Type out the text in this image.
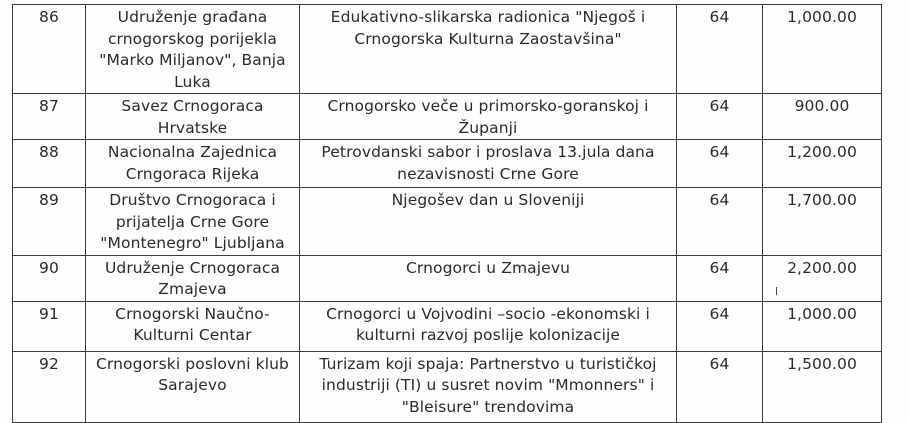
86	Udruženje građana crnogorskog porijekla "Marko Miljanov", Banja Luka	Edukativno-slikarska radionica "Njegoš i Crnogorska Kulturna Zaostavšina"	64	1,000.00
87	Savez Crnogoraca Hrvatske	Crnogorsko veče u primorsko-goranskoj i Županji	64	900.00
88	Nacionalna Zajednica Crngoraca Rijeka	Petrovdanski sabor i proslava 13.jula dana nezavisnosti Crne Gore	64	1,200.00
89	Društvo Crnogoraca i prijatelja Crne Gore "Montenegro" Ljubljana	Njegošev dan u Sloveniji	64	1,700.00
90	Udruženje Crnogoraca Zmajeva	Crnogorci u Zmajevu	64	2,200.00
91	Crnogorski Naučno-Kulturni Centar	Crnogorci u Vojvodini –socio -ekonomski i kulturni razvoj poslije kolonizacije	64	1,000.00
92	Crnogorski poslovni klub Sarajevo	Turizam koji spaja: Partnerstvo u turističkoj industriji (TI) u susret novim "Mmonners" i "Bleisure" trendovima	64	1,500.00
